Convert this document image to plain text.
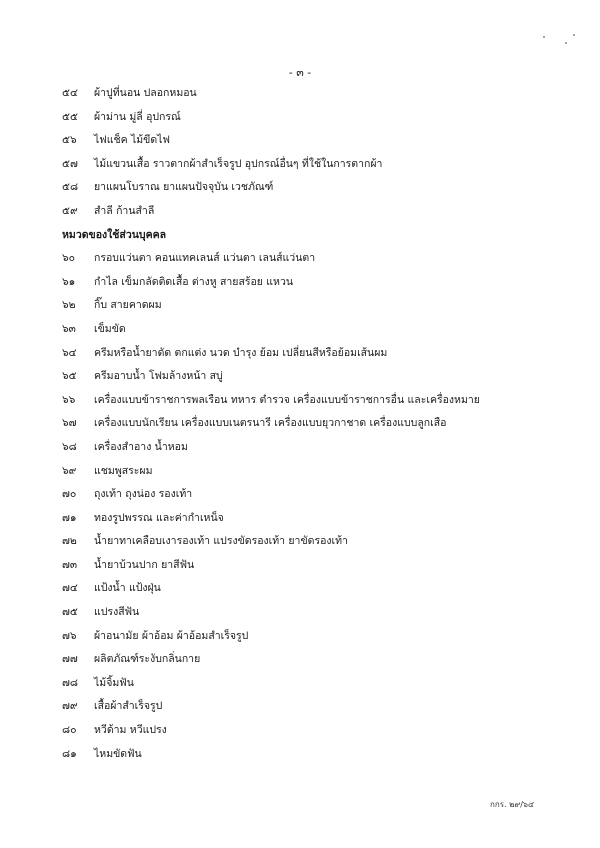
- ๓ -
๕๔ ผ้าปูที่นอน ปลอกหมอน
๕๕ ผ้าม่าน มู่ลี่ อุปกรณ์
๕๖ ไฟแช็ค ไม้ขีดไฟ
๕๗ ไม้แขวนเสื้อ ราวตากผ้าสำเร็จรูป อุปกรณ์อื่นๆ ที่ใช้ในการตากผ้า
๕๘ ยาแผนโบราณ ยาแผนปัจจุบัน เวชภัณฑ์
๕๙ สำลี ก้านสำลี
หมวดของใช้ส่วนบุคคล
๖๐ กรอบแว่นตา คอนแทคเลนส์ แว่นตา เลนส์แว่นตา
๖๑ กำไล เข็มกลัดติดเสื้อ ต่างหู สายสร้อย แหวน
๖๒ กิ๊บ สายคาดผม
๖๓ เข็มขัด
๖๔ ครีมหรือน้ำยาดัด ตกแต่ง นวด บำรุง ย้อม เปลี่ยนสีหรือย้อมเส้นผม
๖๕ ครีมอาบน้ำ โฟมล้างหน้า สบู่
๖๖ เครื่องแบบข้าราชการพลเรือน ทหาร ตำรวจ เครื่องแบบข้าราชการอื่น และเครื่องหมาย
๖๗ เครื่องแบบนักเรียน เครื่องแบบเนตรนารี เครื่องแบบยุวกาชาด เครื่องแบบลูกเสือ
๖๘ เครื่องสำอาง น้ำหอม
๖๙ แชมพูสระผม
๗๐ ถุงเท้า ถุงน่อง รองเท้า
๗๑ ทองรูปพรรณ และค่ากำเหน็จ
๗๒ น้ำยาทาเคลือบเงารองเท้า แปรงขัดรองเท้า ยาขัดรองเท้า
๗๓ น้ำยาบ้วนปาก ยาสีฟัน
๗๔ แป้งน้ำ แป้งฝุ่น
๗๕ แปรงสีฟัน
๗๖ ผ้าอนามัย ผ้าอ้อม ผ้าอ้อมสำเร็จรูป
๗๗ ผลิตภัณฑ์ระงับกลิ่นกาย
๗๘ ไม้จิ้มฟัน
๗๙ เสื้อผ้าสำเร็จรูป
๘๐ หวีด้าม หวีแปรง
๘๑ ไหมขัดฟัน
กกร. ๒๙/๖๔
